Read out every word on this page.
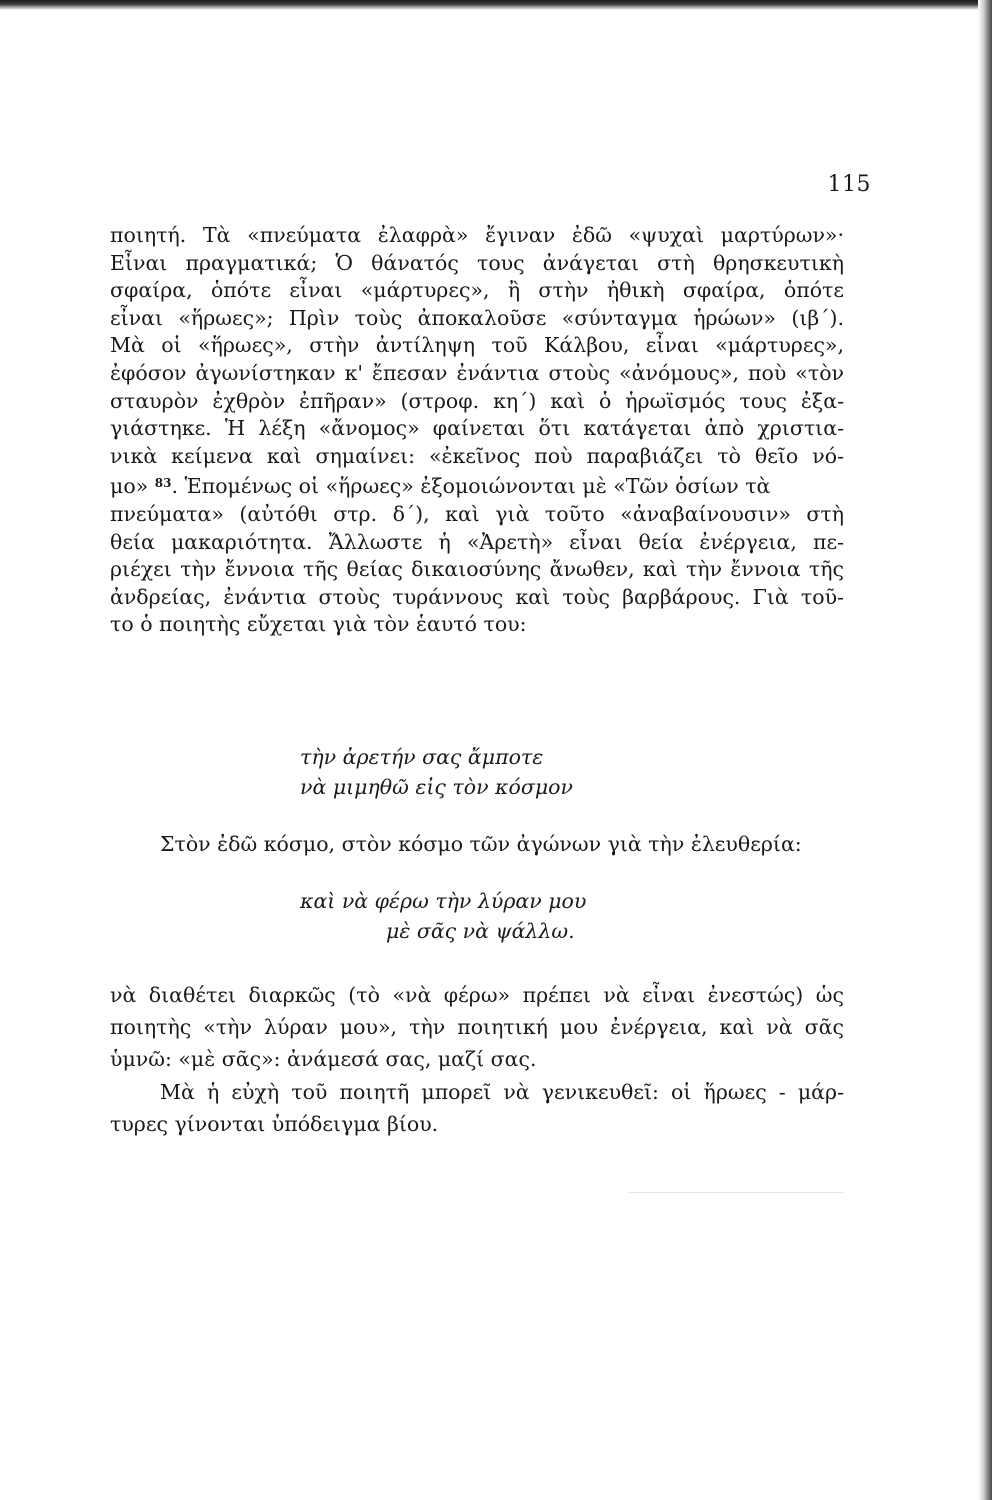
115
ποιητή. Τὰ «πνεύματα ἐλαφρὰ» ἔγιναν ἐδῶ «ψυχαὶ μαρτύρων»·
Εἶναι πραγματικά; Ὁ θάνατός τους ἀνάγεται στὴ θρησκευτικὴ
σφαίρα, ὁπότε εἶναι «μάρτυρες», ἢ στὴν ἠθικὴ σφαίρα, ὁπότε
εἶναι «ἥρωες»; Πρὶν τοὺς ἀποκαλοῦσε «σύνταγμα ἡρώων» (ιβ΄).
Μὰ οἱ «ἥρωες», στὴν ἀντίληψη τοῦ Κάλβου, εἶναι «μάρτυρες»,
ἐφόσον ἀγωνίστηκαν κ' ἔπεσαν ἐνάντια στοὺς «ἀνόμους», ποὺ «τὸν
σταυρὸν ἐχθρὸν ἐπῆραν» (στροφ. κη΄) καὶ ὁ ἡρωϊσμός τους ἐξα-
γιάστηκε. Ἡ λέξη «ἄνομος» φαίνεται ὅτι κατάγεται ἀπὸ χριστια-
νικὰ κείμενα καὶ σημαίνει: «ἐκεῖνος ποὺ παραβιάζει τὸ θεῖο νό-
μο» $^{83}$. Ἑπομένως οἱ «ἥρωες» ἐξομοιώνονται μὲ «Τῶν ὁσίων τὰ
πνεύματα» (αὐτόθι στρ. δ΄), καὶ γιὰ τοῦτο «ἀναβαίνουσιν» στὴ
θεία μακαριότητα. Ἄλλωστε ἡ «Ἀρετὴ» εἶναι θεία ἐνέργεια, πε-
ριέχει τὴν ἔννοια τῆς θείας δικαιοσύνης ἄνωθεν, καὶ τὴν ἔννοια τῆς
ἀνδρείας, ἐνάντια στοὺς τυράννους καὶ τοὺς βαρβάρους. Γιὰ τοῦ-
το ὁ ποιητὴς εὔχεται γιὰ τὸν ἑαυτό του:
τὴν ἀρετήν σας ἄμποτε
νὰ μιμηθῶ εἰς τὸν κόσμον
Στὸν ἐδῶ κόσμο, στὸν κόσμο τῶν ἀγώνων γιὰ τὴν ἐλευθερία:
καὶ νὰ φέρω τὴν λύραν μου
μὲ σᾶς νὰ ψάλλω.
νὰ διαθέτει διαρκῶς (τὸ «νὰ φέρω» πρέπει νὰ εἶναι ἐνεστώς) ὡς
ποιητὴς «τὴν λύραν μου», τὴν ποιητική μου ἐνέργεια, καὶ νὰ σᾶς
ὑμνῶ: «μὲ σᾶς»: ἀνάμεσά σας, μαζί σας.
Μὰ ἡ εὐχὴ τοῦ ποιητῆ μπορεῖ νὰ γενικευθεῖ: οἱ ἥρωες - μάρ-
τυρες γίνονται ὑπόδειγμα βίου.
